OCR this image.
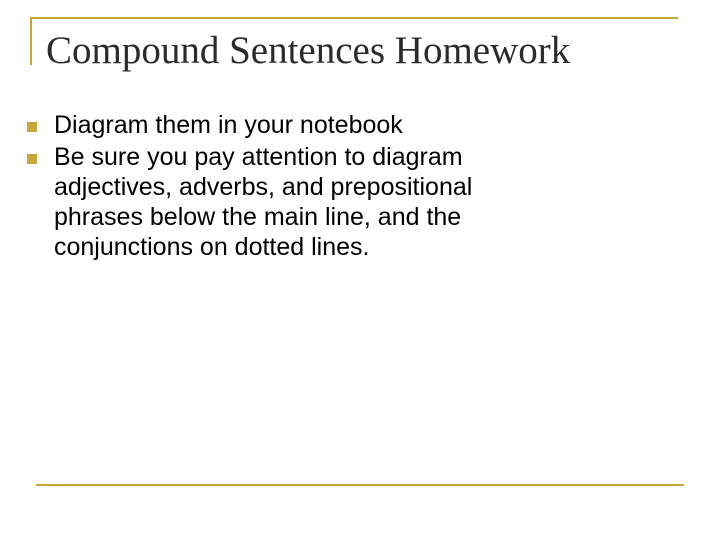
Compound Sentences Homework
Diagram them in your notebook
Be sure you pay attention to diagram adjectives, adverbs, and prepositional phrases below the main line, and the conjunctions on dotted lines.
